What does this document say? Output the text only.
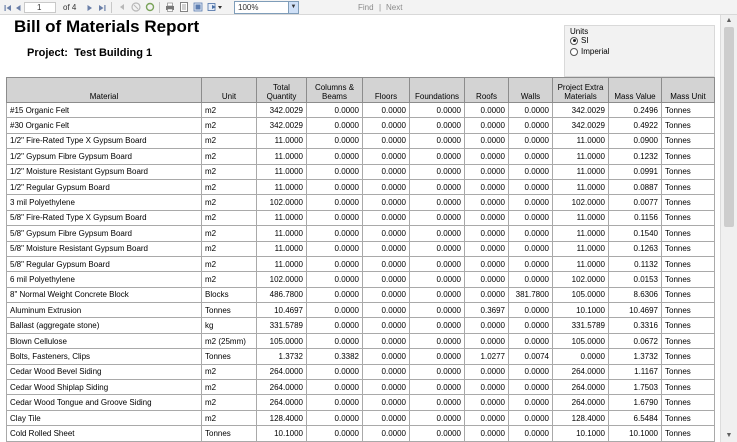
1	of 4	100%	▼	Find | Next
Bill of Materials Report
Project: Test Building 1
Units
SI
Imperial
Material	Unit	Total Quantity	Columns & Beams	Floors	Foundations	Roofs	Walls	Project Extra Materials	Mass Value	Mass Unit
#15 Organic Felt	m2	342.0029	0.0000	0.0000	0.0000	0.0000	0.0000	342.0029	0.2496	Tonnes
#30 Organic Felt	m2	342.0029	0.0000	0.0000	0.0000	0.0000	0.0000	342.0029	0.4922	Tonnes
1/2" Fire-Rated Type X Gypsum Board	m2	11.0000	0.0000	0.0000	0.0000	0.0000	0.0000	11.0000	0.0900	Tonnes
1/2" Gypsum Fibre Gypsum Board	m2	11.0000	0.0000	0.0000	0.0000	0.0000	0.0000	11.0000	0.1232	Tonnes
1/2" Moisture Resistant Gypsum Board	m2	11.0000	0.0000	0.0000	0.0000	0.0000	0.0000	11.0000	0.0991	Tonnes
1/2" Regular Gypsum Board	m2	11.0000	0.0000	0.0000	0.0000	0.0000	0.0000	11.0000	0.0887	Tonnes
3 mil Polyethylene	m2	102.0000	0.0000	0.0000	0.0000	0.0000	0.0000	102.0000	0.0077	Tonnes
5/8" Fire-Rated Type X Gypsum Board	m2	11.0000	0.0000	0.0000	0.0000	0.0000	0.0000	11.0000	0.1156	Tonnes
5/8" Gypsum Fibre Gypsum Board	m2	11.0000	0.0000	0.0000	0.0000	0.0000	0.0000	11.0000	0.1540	Tonnes
5/8" Moisture Resistant Gypsum Board	m2	11.0000	0.0000	0.0000	0.0000	0.0000	0.0000	11.0000	0.1263	Tonnes
5/8" Regular Gypsum Board	m2	11.0000	0.0000	0.0000	0.0000	0.0000	0.0000	11.0000	0.1132	Tonnes
6 mil Polyethylene	m2	102.0000	0.0000	0.0000	0.0000	0.0000	0.0000	102.0000	0.0153	Tonnes
8" Normal Weight Concrete Block	Blocks	486.7800	0.0000	0.0000	0.0000	0.0000	381.7800	105.0000	8.6306	Tonnes
Aluminum Extrusion	Tonnes	10.4697	0.0000	0.0000	0.0000	0.3697	0.0000	10.1000	10.4697	Tonnes
Ballast (aggregate stone)	kg	331.5789	0.0000	0.0000	0.0000	0.0000	0.0000	331.5789	0.3316	Tonnes
Blown Cellulose	m2 (25mm)	105.0000	0.0000	0.0000	0.0000	0.0000	0.0000	105.0000	0.0672	Tonnes
Bolts, Fasteners, Clips	Tonnes	1.3732	0.3382	0.0000	0.0000	1.0277	0.0074	0.0000	1.3732	Tonnes
Cedar Wood Bevel Siding	m2	264.0000	0.0000	0.0000	0.0000	0.0000	0.0000	264.0000	1.1167	Tonnes
Cedar Wood Shiplap Siding	m2	264.0000	0.0000	0.0000	0.0000	0.0000	0.0000	264.0000	1.7503	Tonnes
Cedar Wood Tongue and Groove Siding	m2	264.0000	0.0000	0.0000	0.0000	0.0000	0.0000	264.0000	1.6790	Tonnes
Clay Tile	m2	128.4000	0.0000	0.0000	0.0000	0.0000	0.0000	128.4000	6.5484	Tonnes
Cold Rolled Sheet	Tonnes	10.1000	0.0000	0.0000	0.0000	0.0000	0.0000	10.1000	10.1000	Tonnes
▲
▼
